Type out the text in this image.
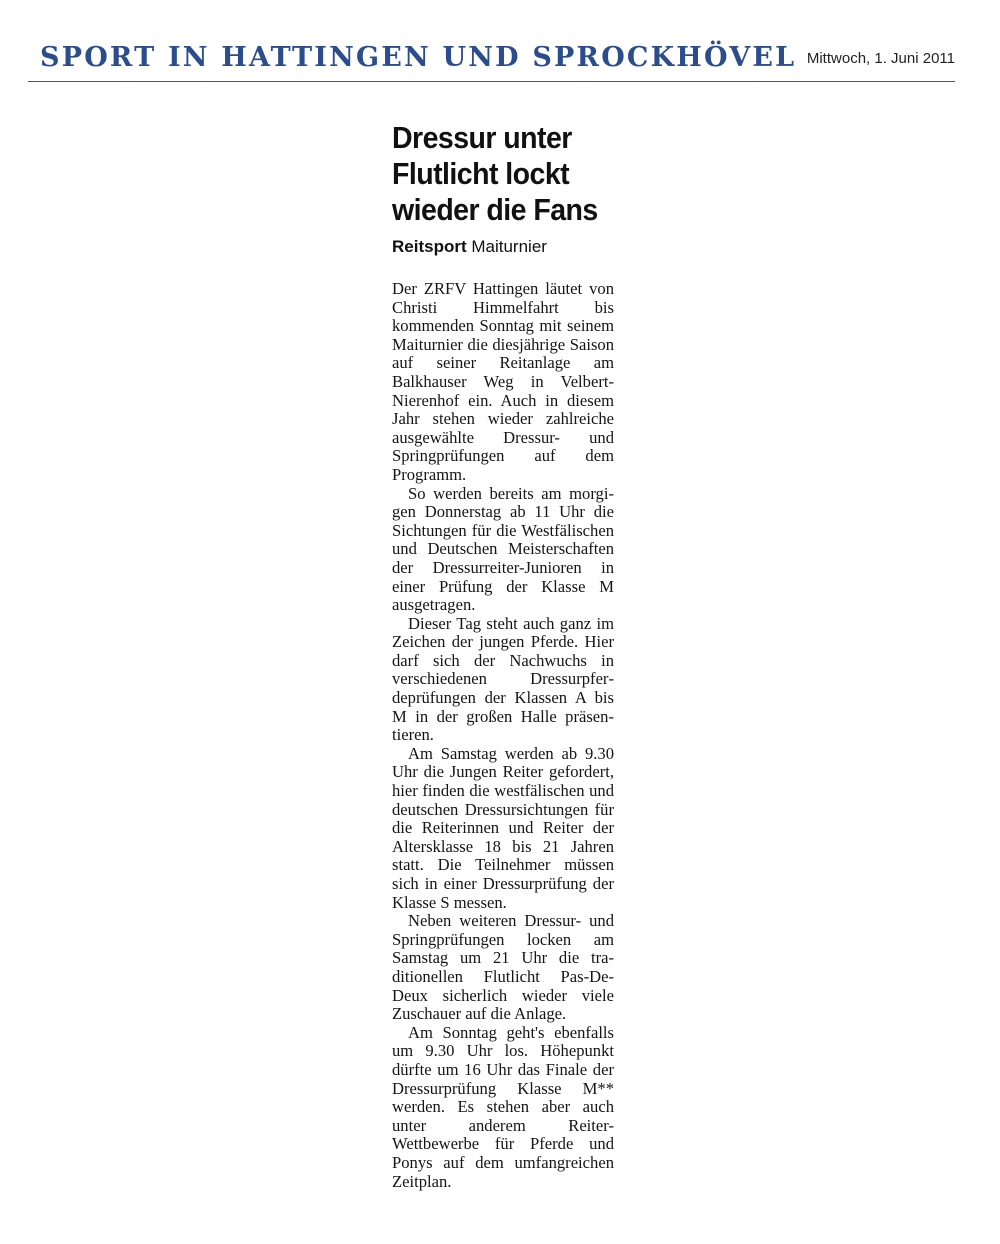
SPORT IN HATTINGEN UND SPROCKHÖVEL Mittwoch, 1. Juni 2011
Dressur unter Flutlicht lockt wieder die Fans
Reitsport Maiturnier

Der ZRFV Hattingen läutet von Christi Himmelfahrt bis kommenden Sonntag mit seinem Maiturnier die diesjährige Saison auf seiner Reitanlage am Balkhauser Weg in Velbert-Nierenhof ein. Auch in diesem Jahr stehen wieder zahlreiche ausgewählte Dressur- und Springprüfungen auf dem Programm.

So werden bereits am morgigen Donnerstag ab 11 Uhr die Sichtungen für die Westfälischen und Deutschen Meisterschaften der Dressurreiter-Junioren in einer Prüfung der Klasse M ausgetragen.

Dieser Tag steht auch ganz im Zeichen der jungen Pferde. Hier darf sich der Nachwuchs in verschiedenen Dressurpferdeprüfungen der Klassen A bis M in der großen Halle präsentieren.

Am Samstag werden ab 9.30 Uhr die Jungen Reiter gefordert, hier finden die westfälischen und deutschen Dressursichtungen für die Reiterinnen und Reiter der Altersklasse 18 bis 21 Jahren statt. Die Teilnehmer müssen sich in einer Dressurprüfung der Klasse S messen.

Neben weiteren Dressur- und Springprüfungen locken am Samstag um 21 Uhr die traditionellen Flutlicht Pas-De-Deux sicherlich wieder viele Zuschauer auf die Anlage.

Am Sonntag geht's ebenfalls um 9.30 Uhr los. Höhepunkt dürfte um 16 Uhr das Finale der Dressurprüfung Klasse M** werden. Es stehen aber auch unter anderem Reiter-Wettbewerbe für Pferde und Ponys auf dem umfangreichen Zeitplan.
